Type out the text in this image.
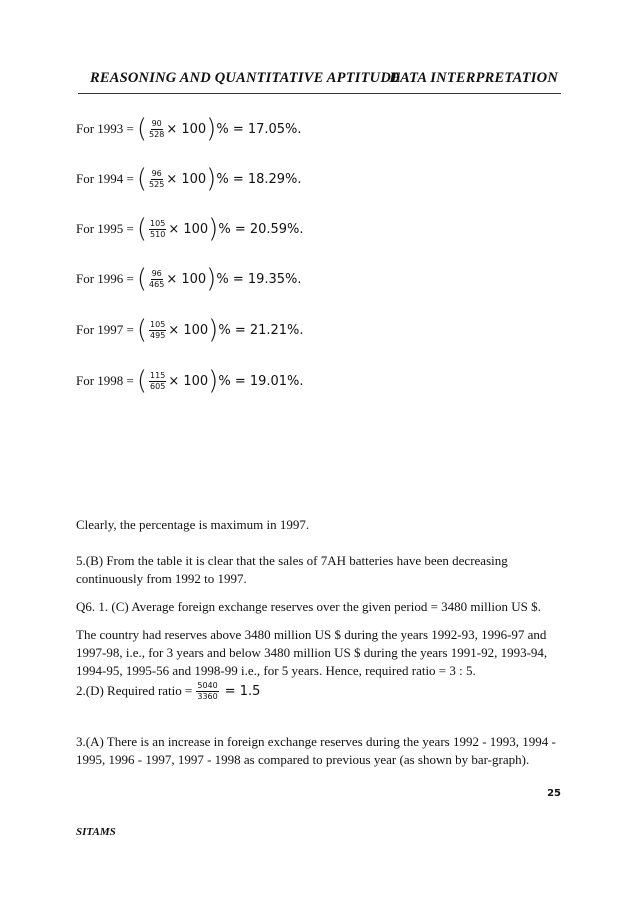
REASONING AND QUANTITATIVE APTITUDE
DATA INTERPRETATION
For 1993 = ( $\frac{90}{528} \times 100$ ) % = 17.05%.
For 1994 = ( $\frac{96}{525} \times 100$ ) % = 18.29%.
For 1995 = ( $\frac{105}{510} \times 100$ ) % = 20.59%.
For 1996 = ( $\frac{96}{465} \times 100$ ) % = 19.35%.
For 1997 = ( $\frac{105}{495} \times 100$ ) % = 21.21%.
For 1998 = ( $\frac{115}{605} \times 100$ ) % = 19.01%.
Clearly, the percentage is maximum in 1997.
5.(B) From the table it is clear that the sales of 7AH batteries have been decreasing continuously from 1992 to 1997.
Q6. 1. (C) Average foreign exchange reserves over the given period = 3480 million US $.
The country had reserves above 3480 million US $ during the years 1992-93, 1996-97 and 1997-98, i.e., for 3 years and below 3480 million US $ during the years 1991-92, 1993-94, 1994-95, 1995-56 and 1998-99 i.e., for 5 years. Hence, required ratio = 3 : 5.
2.(D) Required ratio = $\frac{5040}{3360} = 1.5$
3.(A) There is an increase in foreign exchange reserves during the years 1992 - 1993, 1994 - 1995, 1996 - 1997, 1997 - 1998 as compared to previous year (as shown by bar-graph).
25
SITAMS
